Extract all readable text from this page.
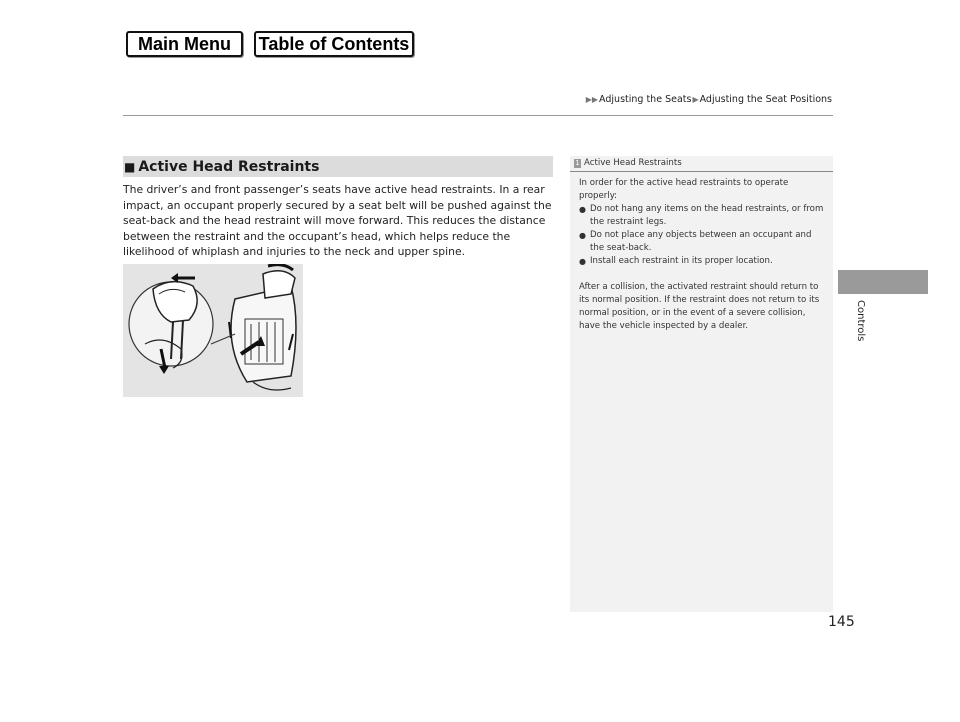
Main Menu	Table of Contents
▶▶ Adjusting the Seats ▶ Adjusting the Seat Positions
Controls
■ Active Head Restraints
The driver’s and front passenger’s seats have active head restraints. In a rear impact, an occupant properly secured by a seat belt will be pushed against the seat-back and the head restraint will move forward. This reduces the distance between the restraint and the occupant’s head, which helps reduce the likelihood of whiplash and injuries to the neck and upper spine.
1 Active Head Restraints

In order for the active head restraints to operate properly:

● Do not hang any items on the head restraints, or from the restraint legs.
● Do not place any objects between an occupant and the seat-back.
● Install each restraint in its proper location.

After a collision, the activated restraint should return to its normal position. If the restraint does not return to its normal position, or in the event of a severe collision, have the vehicle inspected by a dealer.

145
